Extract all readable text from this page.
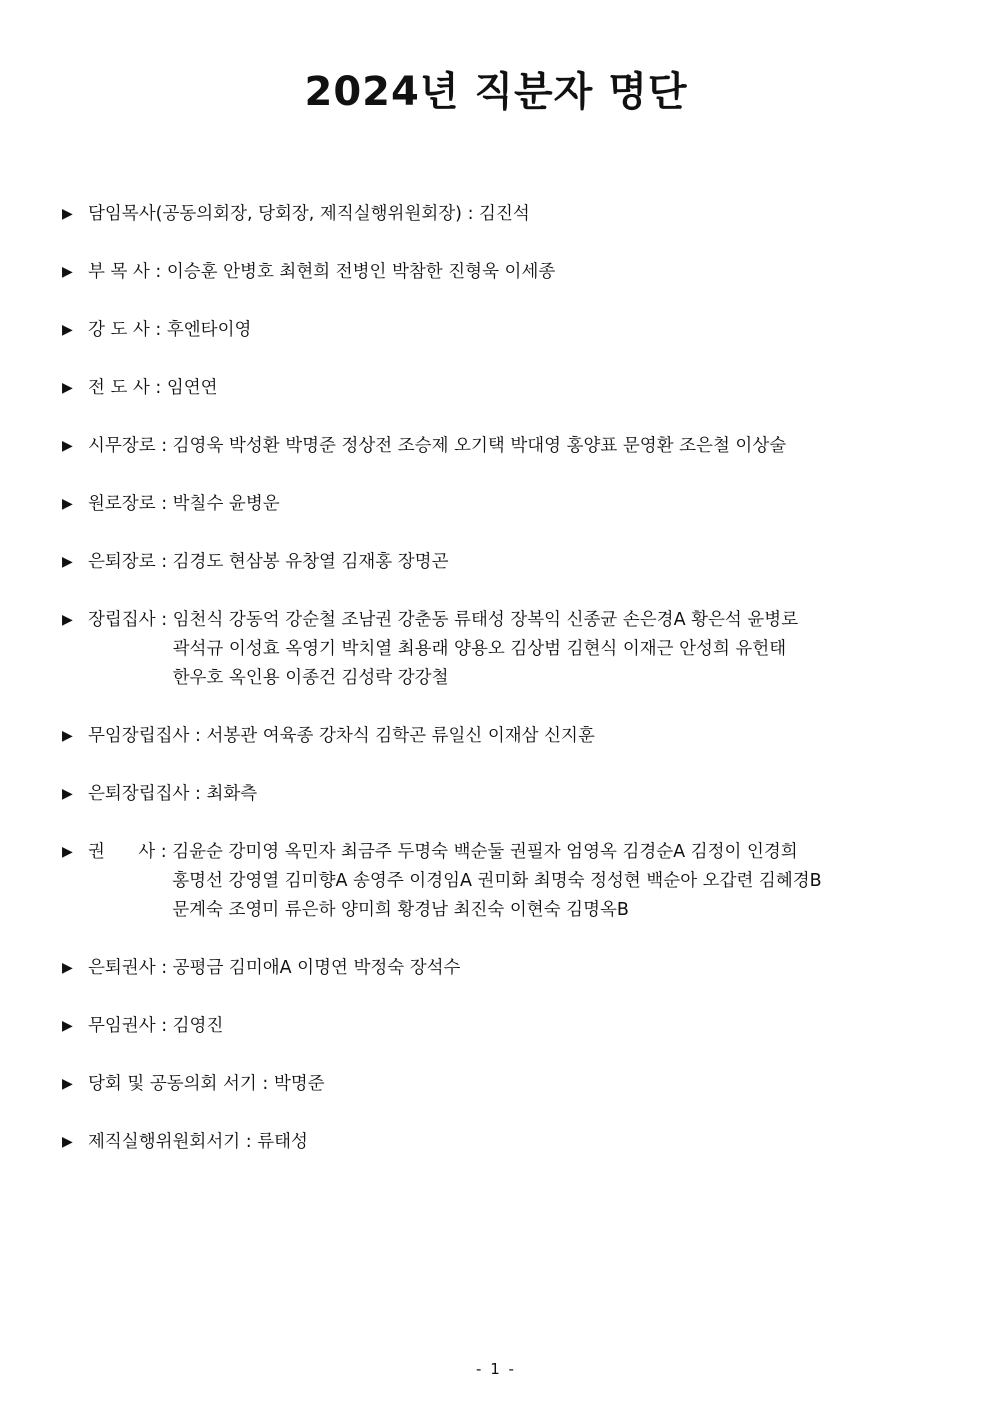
2024년 직분자 명단
▶ 담임목사(공동의회장, 당회장, 제직실행위원회장) : 김진석
▶ 부 목 사 : 이승훈 안병호 최현희 전병인 박참한 진형욱 이세종
▶ 강 도 사 : 후엔타이영
▶ 전 도 사 : 임연연
▶ 시무장로 : 김영욱 박성환 박명준 정상전 조승제 오기택 박대영 홍양표 문영환 조은철 이상술
▶ 원로장로 : 박칠수 윤병운
▶ 은퇴장로 : 김경도 현삼봉 유창열 김재홍 장명곤
▶ 장립집사 : 임천식 강동억 강순철 조남권 강춘동 류태성 장복익 신종균 손은경A 황은석 윤병로
곽석규 이성효 옥영기 박치열 최용래 양용오 김상범 김현식 이재근 안성희 유헌태
한우호 옥인용 이종건 김성락 강강철
▶ 무임장립집사 : 서봉관 여육종 강차식 김학곤 류일신 이재삼 신지훈
▶ 은퇴장립집사 : 최화측
▶ 권      사 : 김윤순 강미영 옥민자 최금주 두명숙 백순둘 권필자 엄영옥 김경순A 김정이 인경희
홍명선 강영열 김미향A 송영주 이경임A 권미화 최명숙 정성현 백순아 오갑련 김혜경B
문계숙 조영미 류은하 양미희 황경남 최진숙 이현숙 김명옥B
▶ 은퇴권사 : 공평금 김미애A 이명연 박정숙 장석수
▶ 무임권사 : 김영진
▶ 당회 및 공동의회 서기 : 박명준
▶ 제직실행위원회서기 : 류태성
- 1 -
